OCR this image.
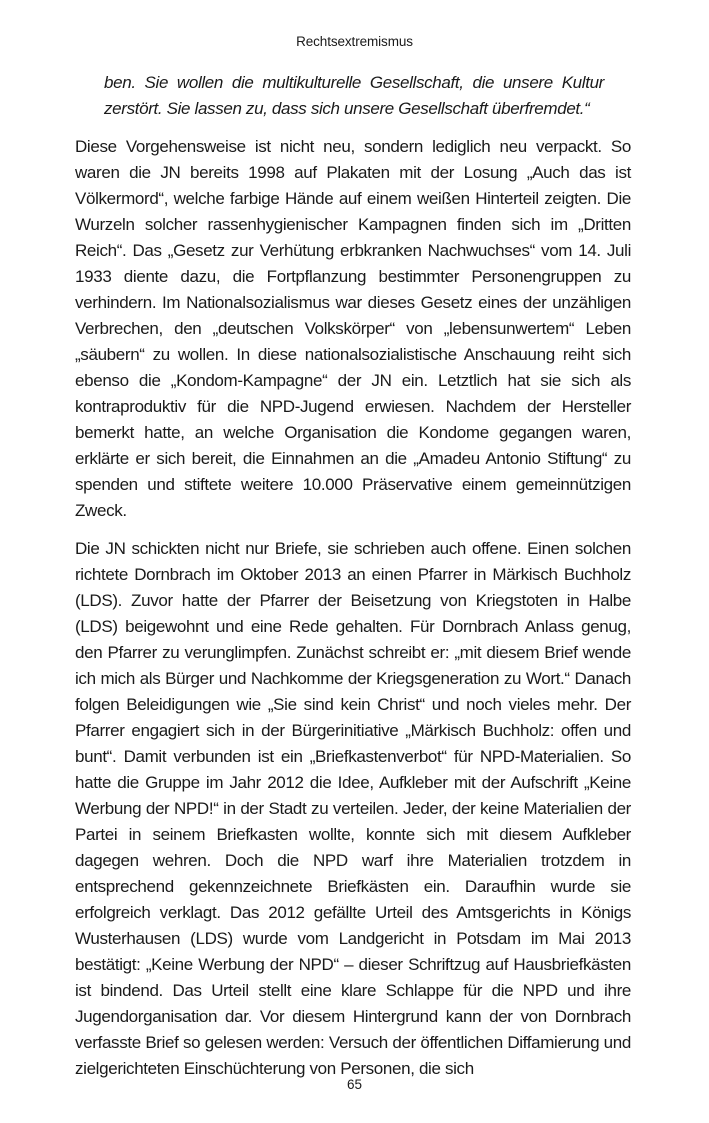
Rechtsextremismus

ben. Sie wollen die multikulturelle Gesellschaft, die unsere Kultur zerstört. Sie lassen zu, dass sich unsere Gesellschaft überfremdet.“

Diese Vorgehensweise ist nicht neu, sondern lediglich neu verpackt. So waren die JN bereits 1998 auf Plakaten mit der Losung „Auch das ist Völkermord“, welche farbige Hände auf einem weißen Hinterteil zeigten. Die Wurzeln solcher rassenhygienischer Kampagnen finden sich im „Dritten Reich“. Das „Gesetz zur Verhütung erbkranken Nachwuchses“ vom 14. Juli 1933 diente dazu, die Fortpflanzung bestimmter Personengruppen zu verhindern. Im Nationalsozialismus war dieses Gesetz eines der unzähligen Verbrechen, den „deutschen Volkskörper“ von „lebensunwertem“ Leben „säubern“ zu wollen. In diese nationalsozialistische Anschauung reiht sich ebenso die „Kondom-Kampagne“ der JN ein. Letztlich hat sie sich als kontraproduktiv für die NPD-Jugend erwiesen. Nachdem der Hersteller bemerkt hatte, an welche Organisation die Kondome gegangen waren, erklärte er sich bereit, die Einnahmen an die „Amadeu Antonio Stiftung“ zu spenden und stiftete weitere 10.000 Präservative einem gemeinnützigen Zweck.

Die JN schickten nicht nur Briefe, sie schrieben auch offene. Einen solchen richtete Dornbrach im Oktober 2013 an einen Pfarrer in Märkisch Buchholz (LDS). Zuvor hatte der Pfarrer der Beisetzung von Kriegstoten in Halbe (LDS) beigewohnt und eine Rede gehalten. Für Dornbrach Anlass genug, den Pfarrer zu verunglimpfen. Zunächst schreibt er: „mit diesem Brief wende ich mich als Bürger und Nachkomme der Kriegsgeneration zu Wort.“ Danach folgen Beleidigungen wie „Sie sind kein Christ“ und noch vieles mehr. Der Pfarrer engagiert sich in der Bürgerinitiative „Märkisch Buchholz: offen und bunt“. Damit verbunden ist ein „Briefkastenverbot“ für NPD-Materialien. So hatte die Gruppe im Jahr 2012 die Idee, Aufkleber mit der Aufschrift „Keine Werbung der NPD!“ in der Stadt zu verteilen. Jeder, der keine Materialien der Partei in seinem Briefkasten wollte, konnte sich mit diesem Aufkleber dagegen wehren. Doch die NPD warf ihre Materialien trotzdem in entsprechend gekennzeichnete Briefkästen ein. Daraufhin wurde sie erfolgreich verklagt. Das 2012 gefällte Urteil des Amtsgerichts in Königs Wusterhausen (LDS) wurde vom Landgericht in Potsdam im Mai 2013 bestätigt: „Keine Werbung der NPD“ – dieser Schriftzug auf Hausbriefkästen ist bindend. Das Urteil stellt eine klare Schlappe für die NPD und ihre Jugendorganisation dar. Vor diesem Hintergrund kann der von Dornbrach verfasste Brief so gelesen werden: Versuch der öffentlichen Diffamierung und zielgerichteten Einschüchterung von Personen, die sich

65
